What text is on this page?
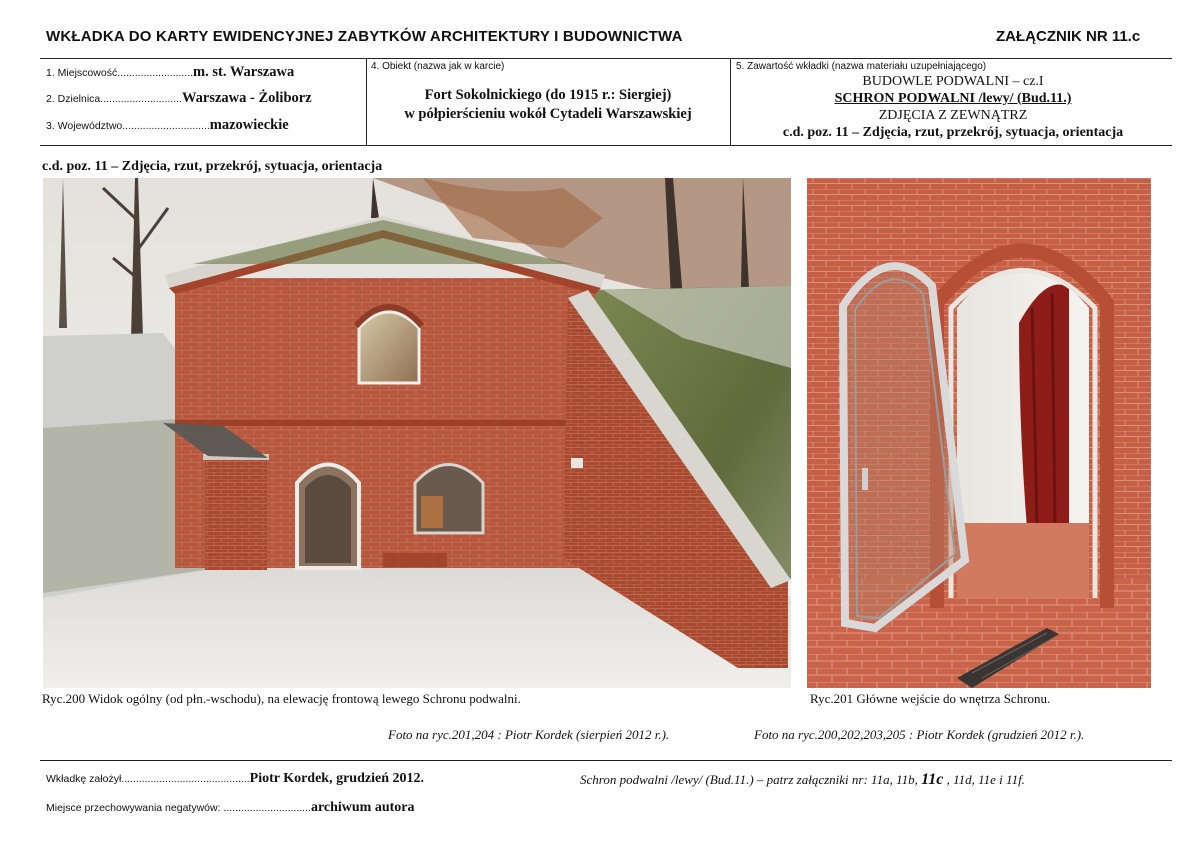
WKŁADKA DO KARTY EWIDENCYJNEJ ZABYTKÓW ARCHITEKTURY I BUDOWNICTWA	ZAŁĄCZNIK NR 11.c
1. Miejscowość..........................m. st. Warszawa
2. Dzielnica............................Warszawa - Żoliborz
3. Województwo..............................mazowieckie
4. Obiekt (nazwa jak w karcie)
Fort Sokolnickiego (do 1915 r.: Siergiej)
w półpierścieniu wokół Cytadeli Warszawskiej
5. Zawartość wkładki (nazwa materiału uzupełniającego)
BUDOWLE PODWALNI – cz.I
SCHRON PODWALNI /lewy/ (Bud.11.)
ZDJĘCIA Z ZEWNĄTRZ
c.d. poz. 11 – Zdjęcia, rzut, przekrój, sytuacja, orientacja
c.d. poz. 11 – Zdjęcia, rzut, przekrój, sytuacja, orientacja
Ryc.200 Widok ogólny (od płn.-wschodu), na elewację frontową lewego Schronu podwalni.	Ryc.201 Główne wejście do wnętrza Schronu.
Foto na ryc.201,204 : Piotr Kordek (sierpień 2012 r.).	Foto na ryc.200,202,203,205 : Piotr Kordek (grudzień 2012 r.).
Wkładkę założył............................................Piotr Kordek, grudzień 2012.
Miejsce przechowywania negatywów: ..............................archiwum autora
Schron podwalni /lewy/ (Bud.11.) – patrz załączniki nr: 11a, 11b, 11c , 11d, 11e i 11f.
